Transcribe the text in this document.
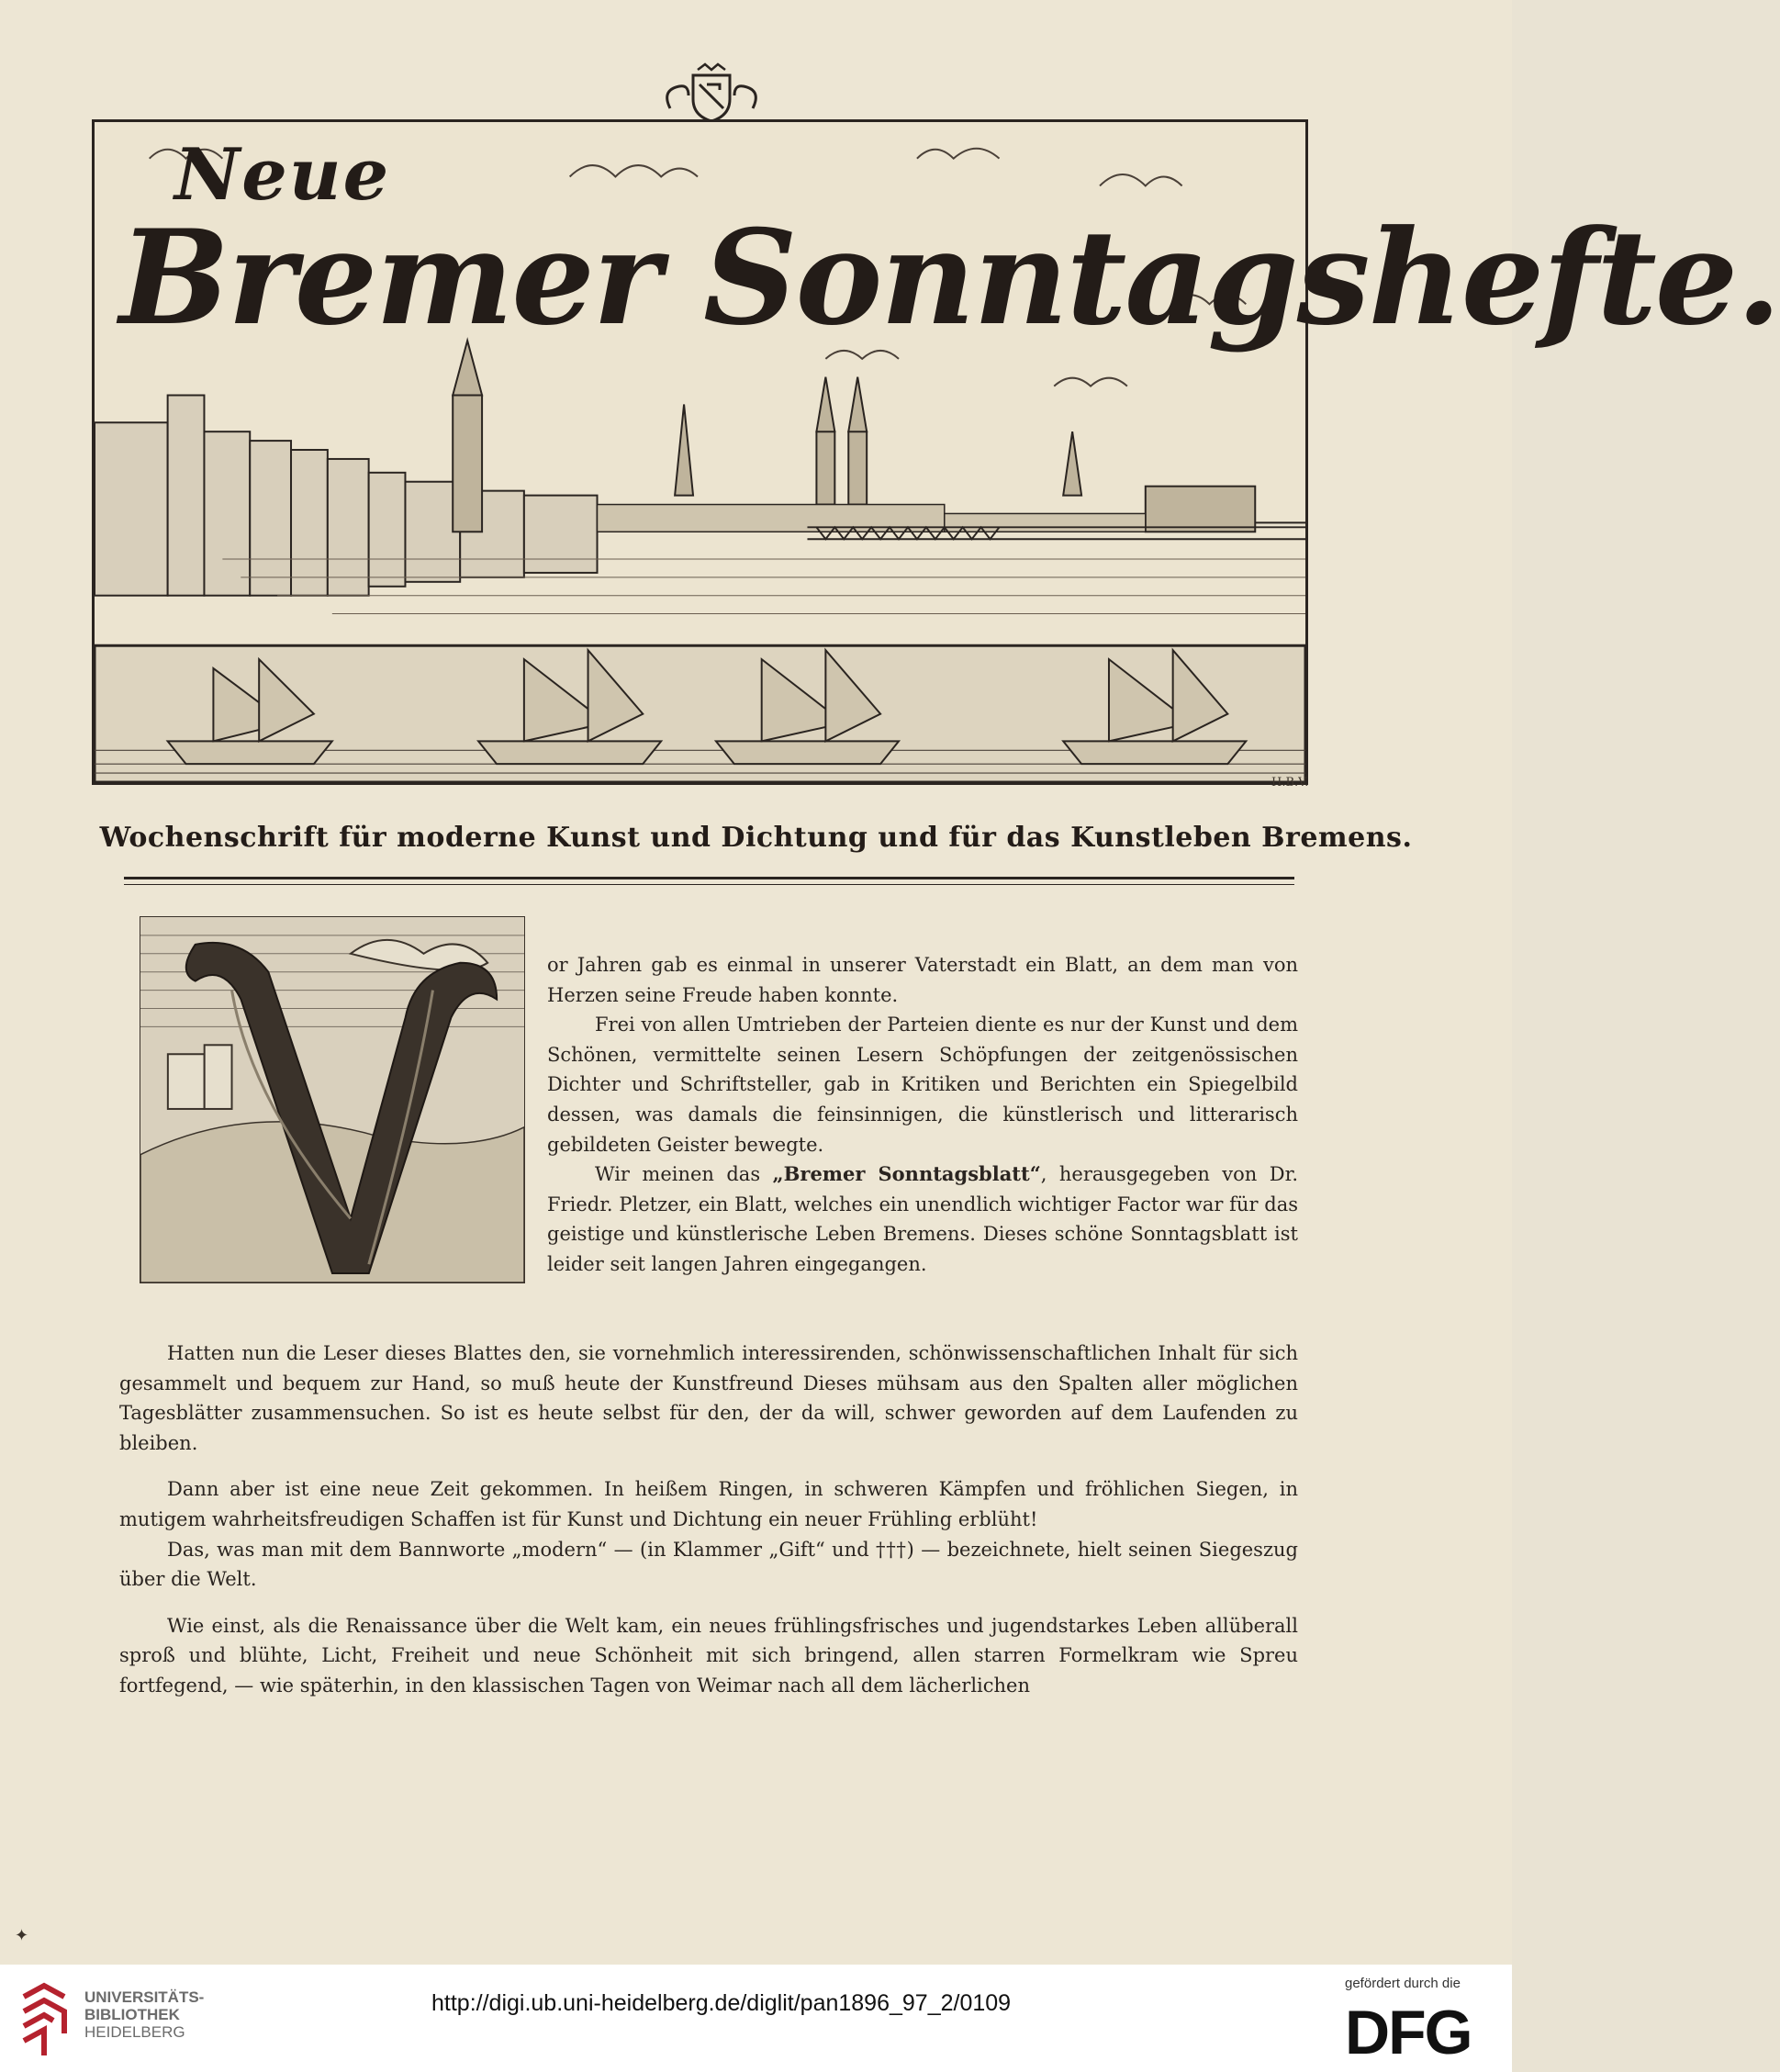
Neue
Bremer Sonntagshefte.
H.B.V.
Wochenschrift für moderne Kunst und Dichtung und für das Kunstleben Bremens.

or Jahren gab es einmal in unserer Vaterstadt ein Blatt, an dem man von Herzen seine Freude haben konnte.

Frei von allen Umtrieben der Parteien diente es nur der Kunst und dem Schönen, vermittelte seinen Lesern Schöpfungen der zeitgenössischen Dichter und Schriftsteller, gab in Kritiken und Berichten ein Spiegelbild dessen, was damals die feinsinnigen, die künstlerisch und litterarisch gebildeten Geister bewegte.

Wir meinen das „Bremer Sonntagsblatt“, herausgegeben von Dr. Friedr. Pletzer, ein Blatt, welches ein unendlich wichtiger Factor war für das geistige und künstlerische Leben Bremens. Dieses schöne Sonntagsblatt ist leider seit langen Jahren eingegangen.

Hatten nun die Leser dieses Blattes den, sie vornehmlich interessirenden, schönwissenschaftlichen Inhalt für sich gesammelt und bequem zur Hand, so muß heute der Kunstfreund Dieses mühsam aus den Spalten aller möglichen Tagesblätter zusammensuchen. So ist es heute selbst für den, der da will, schwer geworden auf dem Laufenden zu bleiben.

Dann aber ist eine neue Zeit gekommen. In heißem Ringen, in schweren Kämpfen und fröhlichen Siegen, in mutigem wahrheitsfreudigen Schaffen ist für Kunst und Dichtung ein neuer Frühling erblüht!

Das, was man mit dem Bannworte „modern“ — (in Klammer „Gift“ und †††) — bezeichnete, hielt seinen Siegeszug über die Welt.

Wie einst, als die Renaissance über die Welt kam, ein neues frühlingsfrisches und jugendstarkes Leben allüberall sproß und blühte, Licht, Freiheit und neue Schönheit mit sich bringend, allen starren Formelkram wie Spreu fortfegend, — wie späterhin, in den klassischen Tagen von Weimar nach all dem lächerlichen

✦
UNIVERSITÄTS-
BIBLIOTHEK
HEIDELBERG
http://digi.ub.uni-heidelberg.de/diglit/pan1896_97_2/0109
gefördert durch die
DFG
